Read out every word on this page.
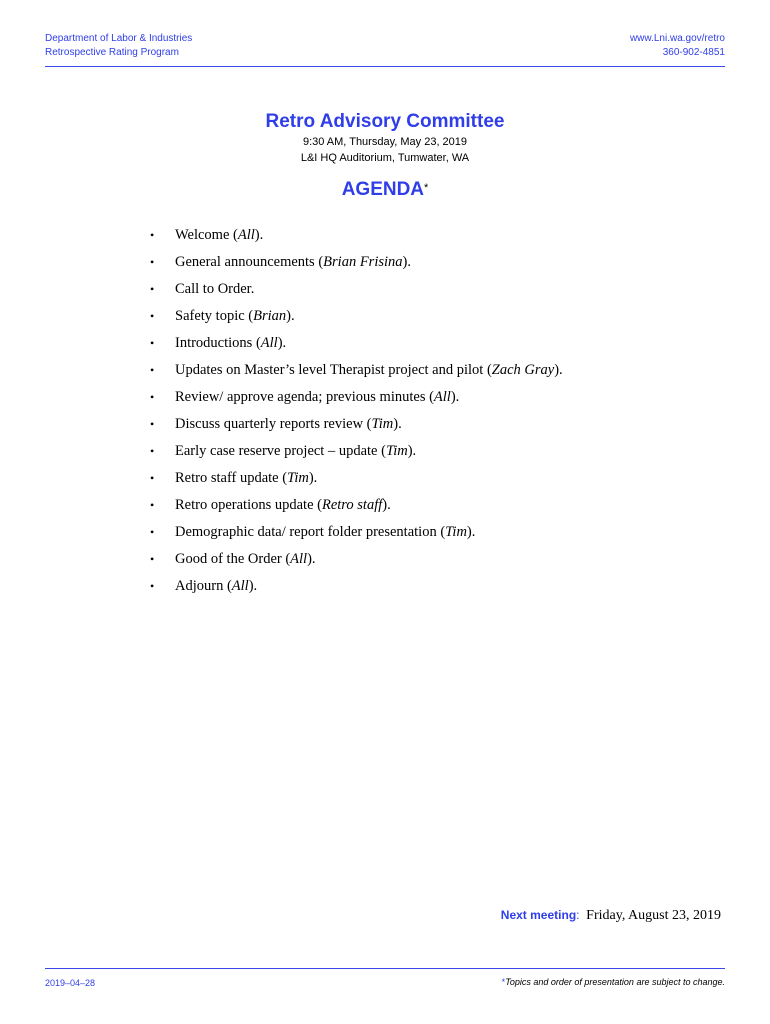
Department of Labor & Industries
Retrospective Rating Program
www.Lni.wa.gov/retro
360-902-4851
Retro Advisory Committee
9:30 AM, Thursday, May 23, 2019
L&I HQ Auditorium, Tumwater, WA
AGENDA*
• Welcome (All).
• General announcements (Brian Frisina).
• Call to Order.
• Safety topic (Brian).
• Introductions (All).
• Updates on Master’s level Therapist project and pilot (Zach Gray).
• Review/ approve agenda; previous minutes (All).
• Discuss quarterly reports review (Tim).
• Early case reserve project – update (Tim).
• Retro staff update (Tim).
• Retro operations update (Retro staff).
• Demographic data/ report folder presentation (Tim).
• Good of the Order (All).
• Adjourn (All).
Next meeting: Friday, August 23, 2019
2019–04–28	*Topics and order of presentation are subject to change.
